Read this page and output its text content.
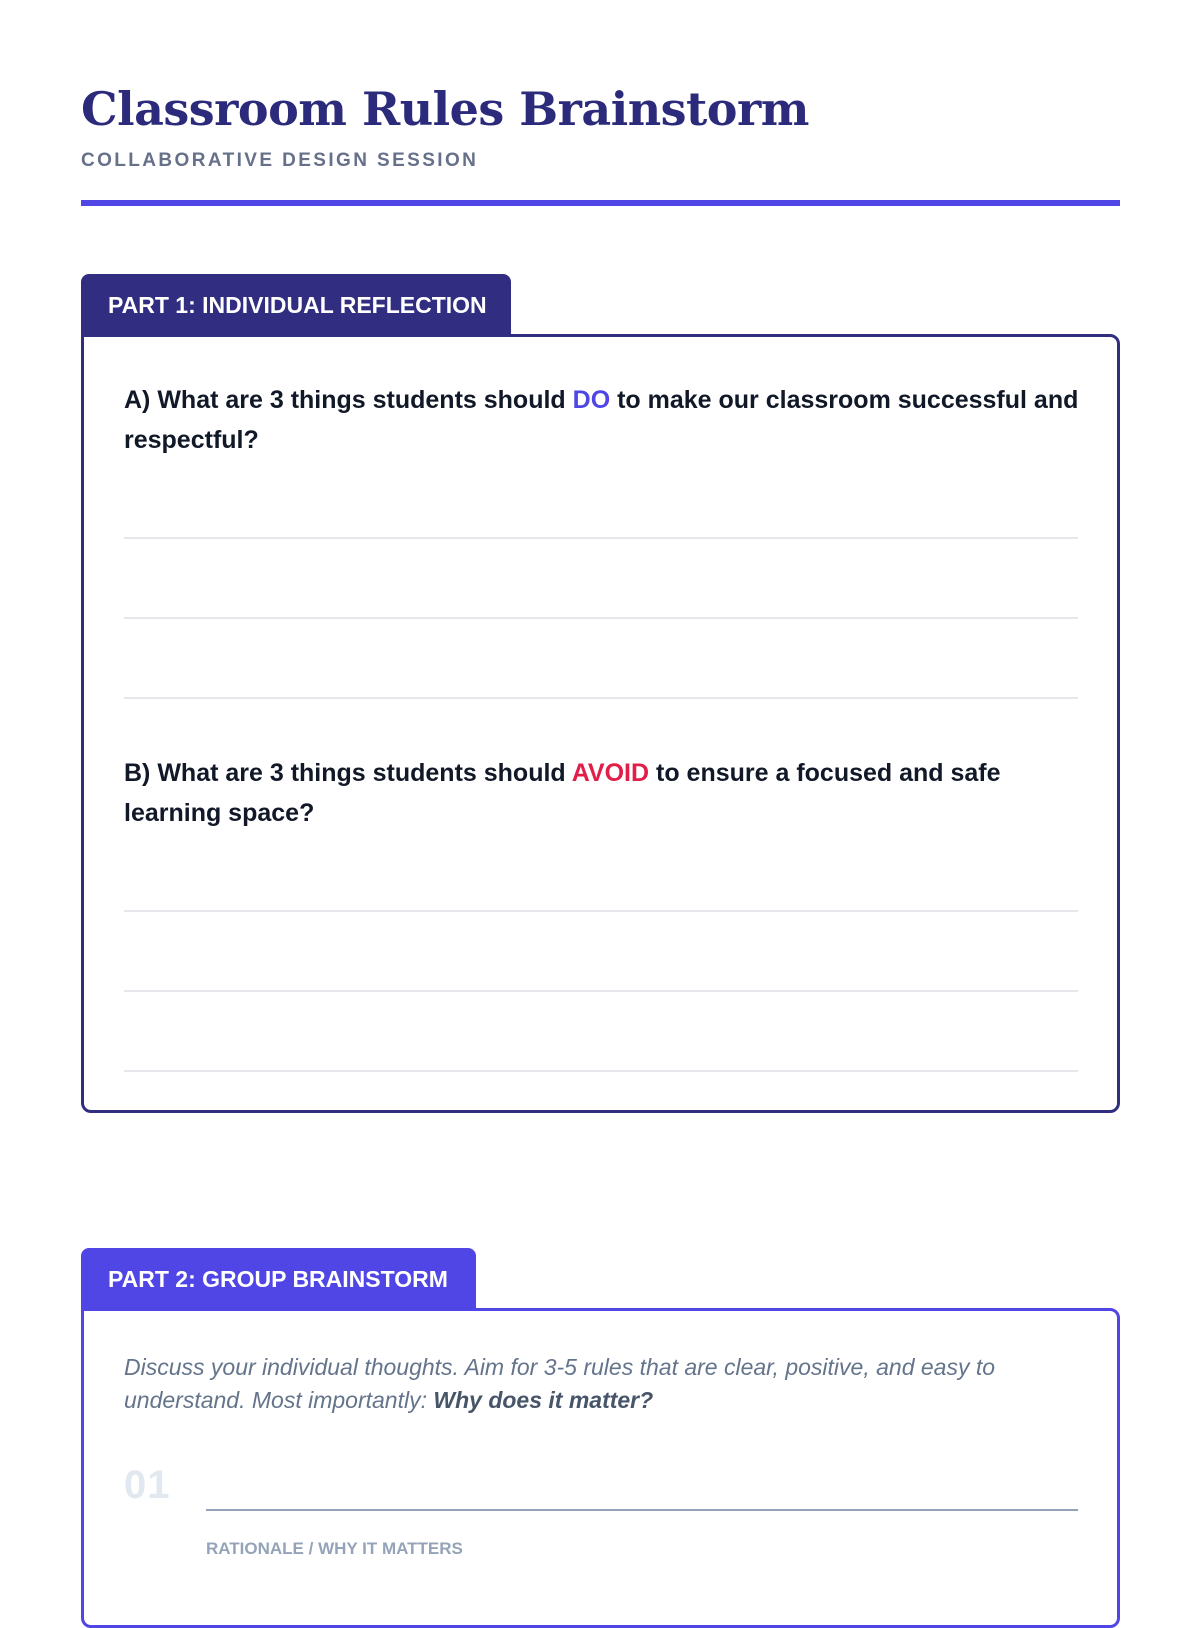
Classroom Rules Brainstorm
COLLABORATIVE DESIGN SESSION
PART 1: INDIVIDUAL REFLECTION

A) What are 3 things students should DO to make our classroom successful and respectful?

B) What are 3 things students should AVOID to ensure a focused and safe learning space?

PART 2: GROUP BRAINSTORM

Discuss your individual thoughts. Aim for 3-5 rules that are clear, positive, and easy to understand. Most importantly: Why does it matter?

01
RATIONALE / WHY IT MATTERS
